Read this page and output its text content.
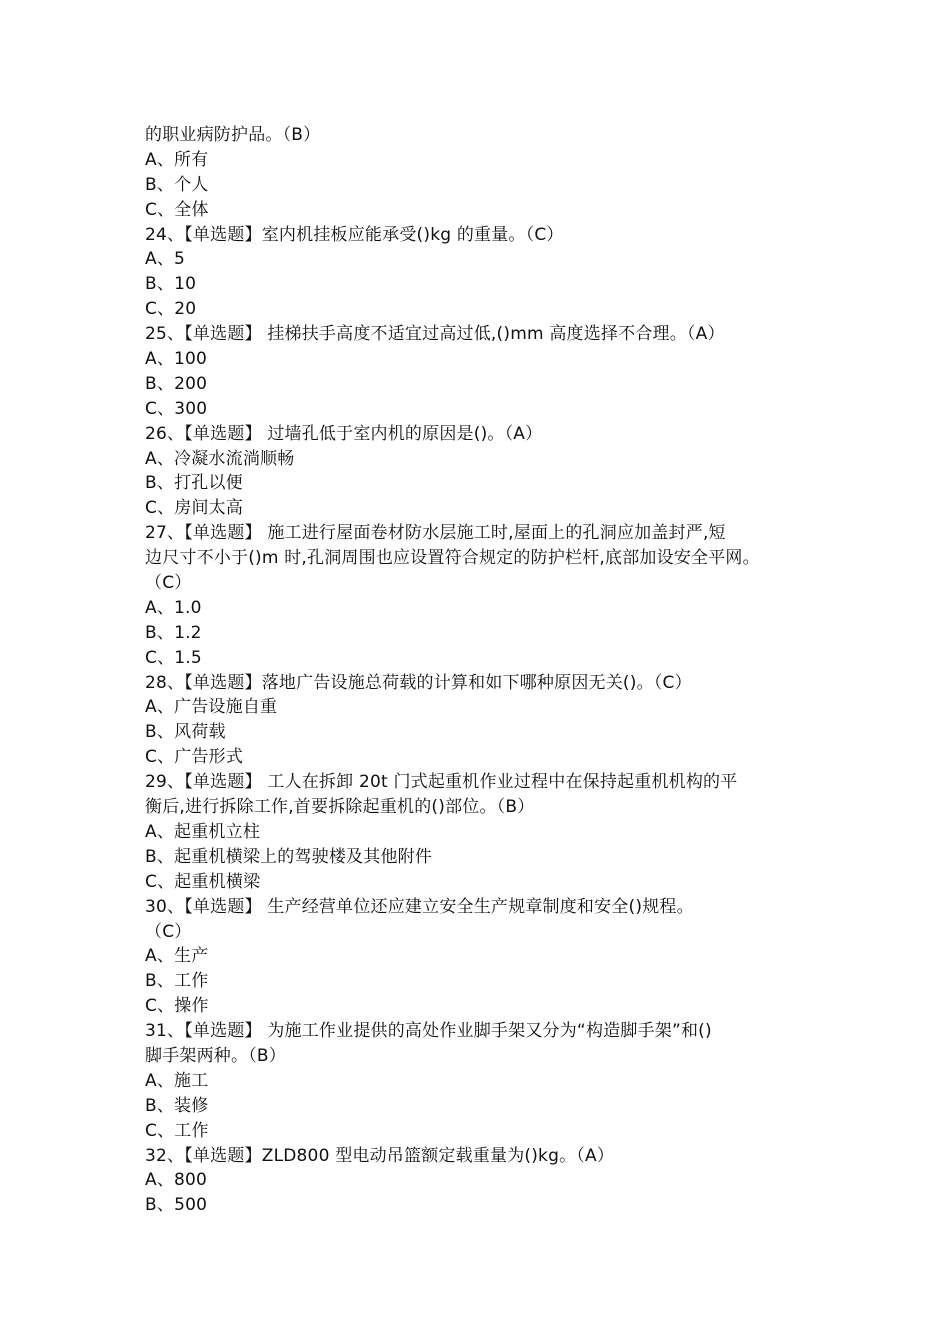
的职业病防护品。（B）
A、所有
B、个人
C、全体
24、【单选题】室内机挂板应能承受()kg 的重量。（C）
A、5
B、10
C、20
25、【单选题】 挂梯扶手高度不适宜过高过低,()mm 高度选择不合理。（A）
A、100
B、200
C、300
26、【单选题】 过墙孔低于室内机的原因是()。（A）
A、冷凝水流淌顺畅
B、打孔以便
C、房间太高
27、【单选题】 施工进行屋面卷材防水层施工时,屋面上的孔洞应加盖封严,短
边尺寸不小于()m 时,孔洞周围也应设置符合规定的防护栏杆,底部加设安全平网。
（C）
A、1.0
B、1.2
C、1.5
28、【单选题】落地广告设施总荷载的计算和如下哪种原因无关()。（C）
A、广告设施自重
B、风荷载
C、广告形式
29、【单选题】 工人在拆卸 20t 门式起重机作业过程中在保持起重机机构的平
衡后,进行拆除工作,首要拆除起重机的()部位。（B）
A、起重机立柱
B、起重机横梁上的驾驶楼及其他附件
C、起重机横梁
30、【单选题】 生产经营单位还应建立安全生产规章制度和安全()规程。
（C）
A、生产
B、工作
C、操作
31、【单选题】 为施工作业提供的高处作业脚手架又分为“构造脚手架”和()
脚手架两种。（B）
A、施工
B、装修
C、工作
32、【单选题】ZLD800 型电动吊篮额定载重量为()kg。（A）
A、800
B、500
